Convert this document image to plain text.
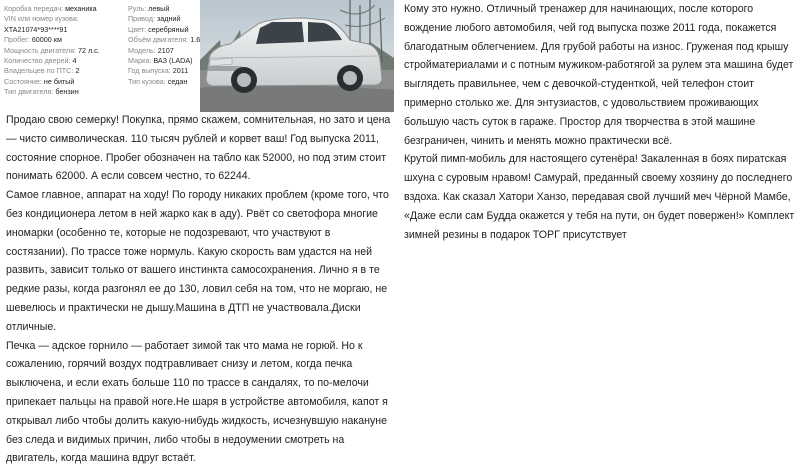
Коробка передач: механика
VIN или номер кузова:
XTA21074*93****91
Пробег: 60000 км
Мощность двигателя: 72 л.с.
Количество дверей: 4
Владельцев по ПТС: 2
Состояние: не битый
Тип двигателя: бензин
Руль: левый
Привод: задний
Цвет: серебряный
Объём двигателя: 1.6
Модель: 2107
Марка: ВАЗ (LADA)
Год выпуска: 2011
Тип кузова: седан

Продаю свою семерку! Покупка, прямо скажем, сомнительная, но зато и цена — чисто символическая. 110 тысяч рублей и корвет ваш! Год выпуска 2011, состояние спорное. Пробег обозначен на табло как 52000, но под этим стоит понимать 62000. А если совсем честно, то 62244.

Самое главное, аппарат на ходу! По городу никаких проблем (кроме того, что без кондиционера летом в ней жарко как в аду). Рвёт со светофора многие иномарки (особенно те, которые не подозревают, что участвуют в состязании). По трассе тоже нормуль. Какую скорость вам удастся на ней развить, зависит только от вашего инстинкта самосохранения. Лично я в те редкие разы, когда разгонял ее до 130, ловил себя на том, что не моргаю, не шевелюсь и практически не дышу.Машина в ДТП не участвовала.Диски отличные.

Печка — адское горнило — работает зимой так что мама не горюй. Но к сожалению, горячий воздух подтравливает снизу и летом, когда печка выключена, и если ехать больше 110 по трассе в сандалях, то по-мелочи припекает пальцы на правой ноге.Не шаря в устройстве автомобиля, капот я открывал либо чтобы долить какую-нибудь жидкость, исчезнувшую накануне без следа и видимых причин, либо чтобы в недоумении смотреть на двигатель, когда машина вдруг встаёт.

Кому это нужно. Отличный тренажер для начинающих, после которого вождение любого автомобиля, чей год выпуска позже 2011 года, покажется благодатным облегчением. Для грубой работы на износ. Груженая под крышу стройматериалами и с потным мужиком-работягой за рулем эта машина будет выглядеть правильнее, чем с девочкой-студенткой, чей телефон стоит примерно столько же. Для энтузиастов, с удовольствием проживающих большую часть суток в гараже. Простор для творчества в этой машине безграничен, чинить и менять можно практически всё.

Крутой пимп-мобиль для настоящего сутенёра! Закаленная в боях пиратская шхуна с суровым нравом! Самурай, преданный своему хозяину до последнего вздоха. Как сказал Хатори Ханзо, передавая свой лучший меч Чёрной Мамбе, «Даже если сам Будда окажется у тебя на пути, он будет повержен!» Комплект зимней резины в подарок ТОРГ присутствует
